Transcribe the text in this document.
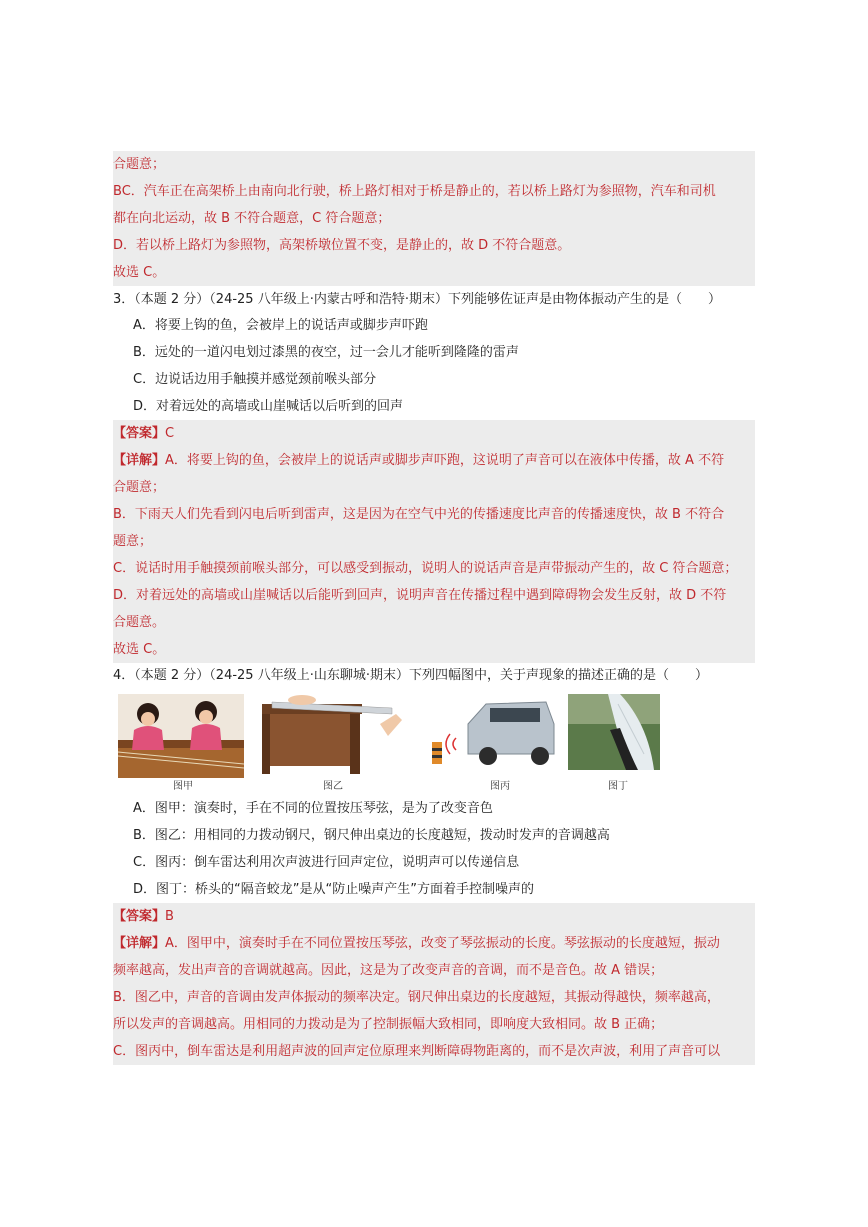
合题意；
BC．汽车正在高架桥上由南向北行驶，桥上路灯相对于桥是静止的，若以桥上路灯为参照物，汽车和司机
都在向北运动，故 B 不符合题意，C 符合题意；
D．若以桥上路灯为参照物，高架桥墩位置不变，是静止的，故 D 不符合题意。
故选 C。
3．（本题 2 分）（24-25 八年级上·内蒙古呼和浩特·期末）下列能够佐证声是由物体振动产生的是（　　）
A．将要上钩的鱼，会被岸上的说话声或脚步声吓跑
B．远处的一道闪电划过漆黑的夜空，过一会儿才能听到隆隆的雷声
C．边说话边用手触摸并感觉颈前喉头部分
D．对着远处的高墙或山崖喊话以后听到的回声
【答案】C
【详解】A．将要上钩的鱼，会被岸上的说话声或脚步声吓跑，这说明了声音可以在液体中传播，故 A 不符
合题意；
B．下雨天人们先看到闪电后听到雷声，这是因为在空气中光的传播速度比声音的传播速度快，故 B 不符合
题意；
C．说话时用手触摸颈前喉头部分，可以感受到振动，说明人的说话声音是声带振动产生的，故 C 符合题意；
D．对着远处的高墙或山崖喊话以后能听到回声，说明声音在传播过程中遇到障碍物会发生反射，故 D 不符
合题意。
故选 C。
4．（本题 2 分）（24-25 八年级上·山东聊城·期末）下列四幅图中，关于声现象的描述正确的是（　　）
图甲	图乙	图丙	图丁
A．图甲：演奏时，手在不同的位置按压琴弦，是为了改变音色
B．图乙：用相同的力拨动钢尺，钢尺伸出桌边的长度越短，拨动时发声的音调越高
C．图丙：倒车雷达利用次声波进行回声定位，说明声可以传递信息
D．图丁：桥头的“隔音蛟龙”是从“防止噪声产生”方面着手控制噪声的
【答案】B
【详解】A．图甲中，演奏时手在不同位置按压琴弦，改变了琴弦振动的长度。琴弦振动的长度越短，振动
频率越高，发出声音的音调就越高。因此，这是为了改变声音的音调，而不是音色。故 A 错误；
B．图乙中，声音的音调由发声体振动的频率决定。钢尺伸出桌边的长度越短，其振动得越快，频率越高，
所以发声的音调越高。用相同的力拨动是为了控制振幅大致相同，即响度大致相同。故 B 正确；
C．图丙中，倒车雷达是利用超声波的回声定位原理来判断障碍物距离的，而不是次声波，利用了声音可以
